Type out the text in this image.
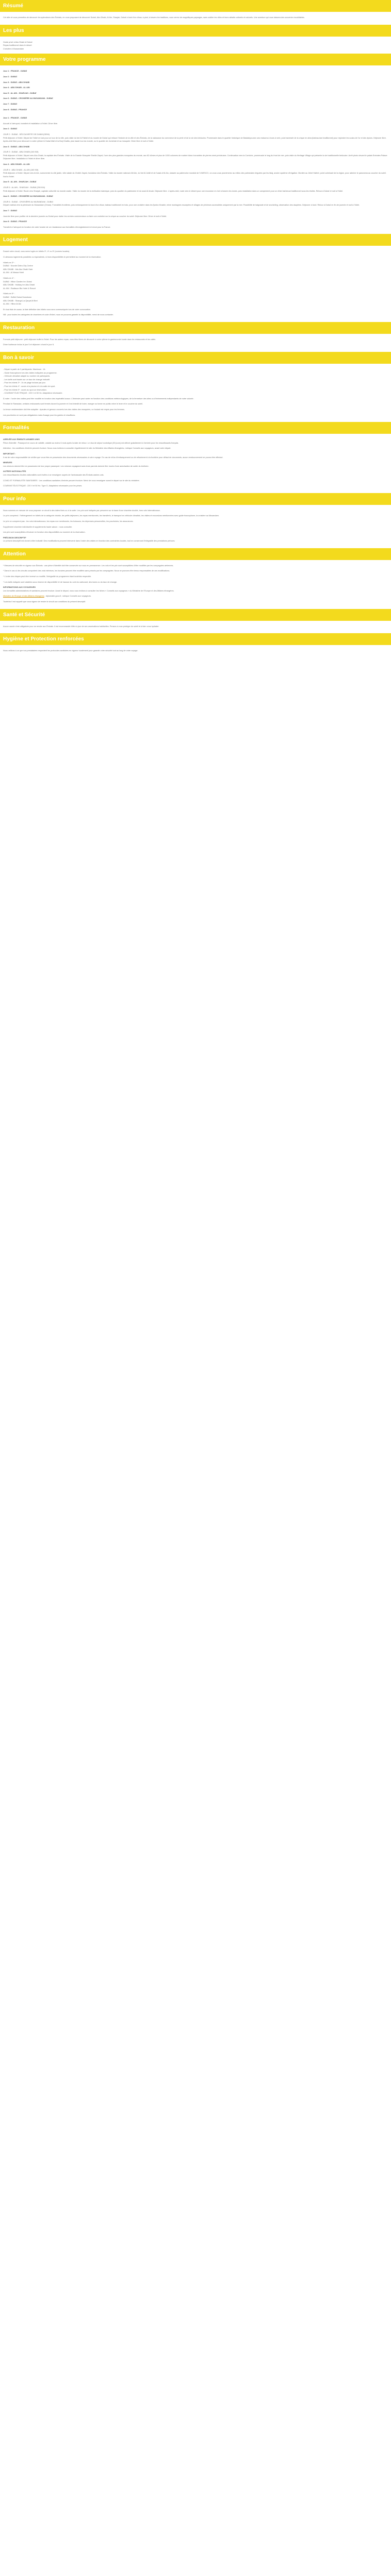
Résumé

Cet aller et vous permettra de découvrir les splendeurs des Émirats, en vous proposant de découvrir Dubaï, Abu Dhabi, Al Ain, Sharjah, Dubaï à bord d'un dhow, à pied, à travers les traditions, vous verrez de magnifiques paysages, sans oublier les villes et leurs attraits culturels et naturels. Une aventure qui vous laissera des souvenirs inoubliables.

Les plus
Guide privé à Abu Dhabi et Dubaï
Repas traditionnel dans le désert
Croisière à Mussandam
Votre programme
Jour 1 : FRANCE - DUBAÏ
Jour 2 : DUBAÏ
Jour 3 : DUBAÏ - ABU DHABI
Jour 4 : ABU DHABI - AL AIN
Jour 5 : AL AIN - SHARJAH - DUBAÏ
Jour 6 : DUBAÏ - CROISIÈRE AU MUSANDAM - DUBAÏ
Jour 7 : DUBAÏ
Jour 8 : DUBAÏ - FRANCE
Jour 1 : FRANCE - DUBAÏ

Accueil à l'aéroport, transfert et installation à l'hôtel. Dîner libre.

Jour 2 : DUBAÏ
JOUR 2 : DUBAÏ - DÉCOUVERTE DE DUBAÏ (DEMI)

Petit déjeuner à l'hôtel. Départ de l'hôtel en taxi pour un tour de la ville, puis visite du fort Al Fahidi et du musée de Dubaï qui retrace l'histoire de la ville et des Émirats, de la naissance du commerce de la perle et de la vie des bédouins. Promenade dans le quartier historique de Bastakiya avec ses maisons à tours à vent, puis traversée de la crique en abra (bateau-taxi traditionnel) pour rejoindre les souks de l'or et des épices. Déjeuner libre. Après-midi libre pour découvrir à votre rythme le Dubai Mall et la Burj Khalifa, plus haute tour du monde, ou le quartier de Jumeirah et sa mosquée. Dîner libre et nuit à l'hôtel.

Jour 3 : DUBAÏ - ABU DHABI
JOUR 3 : DUBAÏ - ABU DHABI (160 KM)

Petit déjeuner à l'hôtel. Départ vers Abu Dhabi, la capitale des Émirats. Visite de la Grande Mosquée Sheikh Zayed, l'une des plus grandes mosquées du monde, aux 82 dômes et plus de 1000 colonnes de marbre blanc incrustées de pierres semi-précieuses. Continuation vers la Corniche, promenade le long du front de mer, puis visite du Heritage Village qui présente la vie traditionnelle bédouine. Arrêt photo devant le palais Emirates Palace. Déjeuner libre. Installation à l'hôtel et dîner libre.

Jour 4 : ABU DHABI - AL AIN
JOUR 4 : ABU DHABI - AL AIN (160 KM)

Petit déjeuner à l'hôtel. Départ vers Al Ain, surnommée la cité jardin, ville natale du Cheikh Zayed, fondateur des Émirats. Visite du musée national d'Al Ain, du fort Al Jahili et de l'oasis d'Al Ain, classée au patrimoine mondial de l'UNESCO, où vous vous promènerez au milieu des palmeraies irriguées par les falaj, ancien système d'irrigation. Montée au Jebel Hafeet, point culminant de la région, pour admirer le panorama au coucher du soleil. Nuit à l'hôtel.

Jour 5 : AL AIN - SHARJAH - DUBAÏ
JOUR 5 : AL AIN - SHARJAH - DUBAÏ (250 KM)

Petit déjeuner à l'hôtel. Route vers Sharjah, capitale culturelle du monde arabe. Visite du musée de la civilisation islamique, puis du quartier du patrimoine et du souk Al Arsah. Déjeuner libre. L'après-midi, route vers le désert pour une excursion en 4x4 à travers les dunes, puis installation dans un campement pour un dîner barbecue traditionnel sous les étoiles. Retour à Dubaï et nuit à l'hôtel.

Jour 6 : DUBAÏ - CROISIÈRE AU MUSANDAM - DUBAÏ
JOUR 6 : DUBAÏ - CROISIÈRE AU MUSANDAM - DUBAÏ

Départ matinal vers la péninsule du Musandam (Oman). Formalités frontières, puis embarquement à bord d'un dhow, bateau traditionnel en bois, pour une croisière dans les fjords d'Arabie, entre montagnes escarpées et villages de pêcheurs accessibles uniquement par la mer. Possibilité de baignade et de snorkeling, observation des dauphins. Déjeuner à bord. Retour à Dubaï en fin de journée et nuit à l'hôtel.

Jour 7 : DUBAÏ

Journée libre pour profiter de la dernière journée au Dubaï pour visiter les centres commerciaux ou faire une croisière sur la crique au coucher du soleil. Déjeuner libre. Dîner et nuit à l'hôtel.

Jour 8 : DUBAÏ - FRANCE

Transfert à l'aéroport en fonction de votre horaire de vol. Assistance aux formalités d'enregistrement et envol pour la France.

Logement

Durant votre circuit, vous serez logés en hôtels 3*, 4* ou 5* (normes locales).

Ci-dessous logements possibles ou équivalents, si leurs disponibilités le permettent au moment de la réservation.

Hôtels en 3* :
DUBAÏ : Novotel Deira City Centre
ABU DHABI : Ibis Abu Dhabi Gate
AL AIN : Al Massa Hotel
Hôtels en 4* :
DUBAÏ : Hilton Garden Inn Dubai
ABU DHABI : Holiday Inn Abu Dhabi
AL AIN : Radisson Blu Hotel & Resort
Hôtels en 5* :
DUBAÏ : Sofitel Dubai Downtown
ABU DHABI : Shangri-La Qaryat Al Beri
AL AIN : Hilton Al Ain

En tout état de cause, la liste définitive des hôtels vous sera communiquée lors de votre convocation.

NB : pour toutes les catégories de chambres et code d'hôtel, nous ne pouvons garantir la disponibilité, merci de nous contacter.

Restauration

Formule petit déjeuner : petit déjeuner buffet à l'hôtel. Pour les autres repas, vous êtes libres de découvrir à votre rythme la gastronomie locale dans les restaurants et les cafés.

Dîner barbecue inclus le jour 5 et déjeuner à bord le jour 6.

Bon à savoir
- Départ à partir de 2 participants. Maximum : 14.
- Guide francophone lors des visites indiquées au programme.
- Véhicule climatisé adapté au nombre de participants.
- Les tarifs sont basés sur un taux de change indicatif.
- Pour les hôtels 3* : 1h de plage incluse par jour.
- Pour les hôtels 4* : accès à la piscine et à la salle de sport.
- Pour les hôtels 5* : accès au spa sur réservation.
- COURANT ÉLECTRIQUE : 220 V et 50 Hz. Adaptateur nécessaire.

À noter : l'ordre des visites peut être modifié en fonction des impératifs locaux. L'itinéraire peut varier en fonction des conditions météorologiques, de la fermeture des sites ou d'événements indépendants de notre volonté.

Pendant le Ramadan, certains restaurants sont fermés durant la journée et il est interdit de boire, manger ou fumer en public entre le lever et le coucher du soleil.

La tenue vestimentaire doit être adaptée : épaules et genoux couverts lors des visites des mosquées, un foulard est requis pour les femmes.

Les pourboires ne sont pas obligatoires mais d'usage pour les guides et chauffeurs.

Formalités
ARRIVÉE AUX ÉMIRATS ARABES UNIS

Pièce d'identité : Passeport en cours de validité, valable au moins 6 mois après la date de retour. Le visa de séjour touristique (30 jours) est délivré gratuitement à l'arrivée pour les ressortissants français.

Attention : les conditions d'entrée peuvent évoluer. Nous vous invitons à consulter régulièrement le site du Ministère des Affaires étrangères, rubrique Conseils aux voyageurs, avant votre départ.

IMPORTANT :

Il est de votre responsabilité de vérifier que vous êtes en possession des documents nécessaires à votre voyage. En cas de refus d'embarquement ou de refoulement à la frontière pour défaut de documents, aucun remboursement ne pourra être effectué.

MINEURS

Les mineurs doivent être en possession de leur propre passeport. Les mineurs voyageant sans leurs parents doivent être munis d'une autorisation de sortie du territoire.

AUTRES NATIONALITÉS

Les ressortissants d'autres nationalités sont invités à se renseigner auprès de l'ambassade des Émirats arabes unis.

COVID ET FORMALITÉS SANITAIRES : Les conditions sanitaires d'entrée peuvent évoluer. Merci de vous renseigner avant le départ sur le site du ministère.

COURANT ÉLECTRIQUE : 220 V et 50 Hz. Type G. Adaptateur nécessaire pour les prises.

Pour info

Nous sommes en mesure de vous proposer ce circuit à des dates fixes ou à la carte. Les prix sont indiqués par personne sur la base d'une chambre double, hors vols internationaux.

Le prix comprend : l'hébergement en hôtels de la catégorie choisie, les petits déjeuners, les repas mentionnés, les transferts, le transport en véhicule climatisé, les visites et excursions mentionnées avec guide francophone, la croisière au Musandam.

Le prix ne comprend pas : les vols internationaux, les repas non mentionnés, les boissons, les dépenses personnelles, les pourboires, les assurances.

Supplément chambre individuelle et suppléments haute saison : nous consulter.

Les prix sont susceptibles d'évoluer en fonction des disponibilités au moment de la réservation.

PRÉCISION DESCRIPTIF

Le présent descriptif est donné à titre indicatif. Des modifications peuvent intervenir dans l'ordre des visites en fonction des contraintes locales, tout en conservant l'intégralité des prestations prévues.

Attention

* Mesures de sécurité en vigueur aux Émirats : une pièce d'identité doit être conservée sur vous en permanence. Les vols et les prix sont susceptibles d'être modifiés par les compagnies aériennes.

* Dans le cas où les circuits comportent des vols intérieurs, les horaires peuvent être modifiés sans préavis par les compagnies. Nous ne pouvons être tenus responsables de ces modifications.

* L'ordre des étapes peut être inversé ou modifié, l'intégralité du programme étant toutefois respectée.

* Les tarifs indiqués sont valables sous réserve de disponibilité et de hausse du coût du carburant, des taxes ou du taux de change.

INFORMATIONS AUX VOYAGEURS

Les formalités administratives et sanitaires peuvent évoluer. Avant le départ, nous vous invitons à consulter les fiches « Conseils aux voyageurs » du Ministère de l'Europe et des Affaires étrangères.

Ministère de l'Europe et des Affaires étrangères : diplomatie.gouv.fr, rubrique Conseils aux voyageurs.

Toutefois il est rappelé que vous signez de rendre le circuit aux conditions du présent descriptif.

Santé et Sécurité

Aucun vaccin n'est obligatoire pour se rendre aux Émirats. Il est recommandé d'être à jour de ses vaccinations habituelles. Pensez à vous protéger du soleil et à bien vous hydrater.

Hygiène et Protection renforcées

Nous veillons à ce que nos prestataires respectent les protocoles sanitaires en vigueur localement pour garantir votre sécurité tout au long de votre voyage.
